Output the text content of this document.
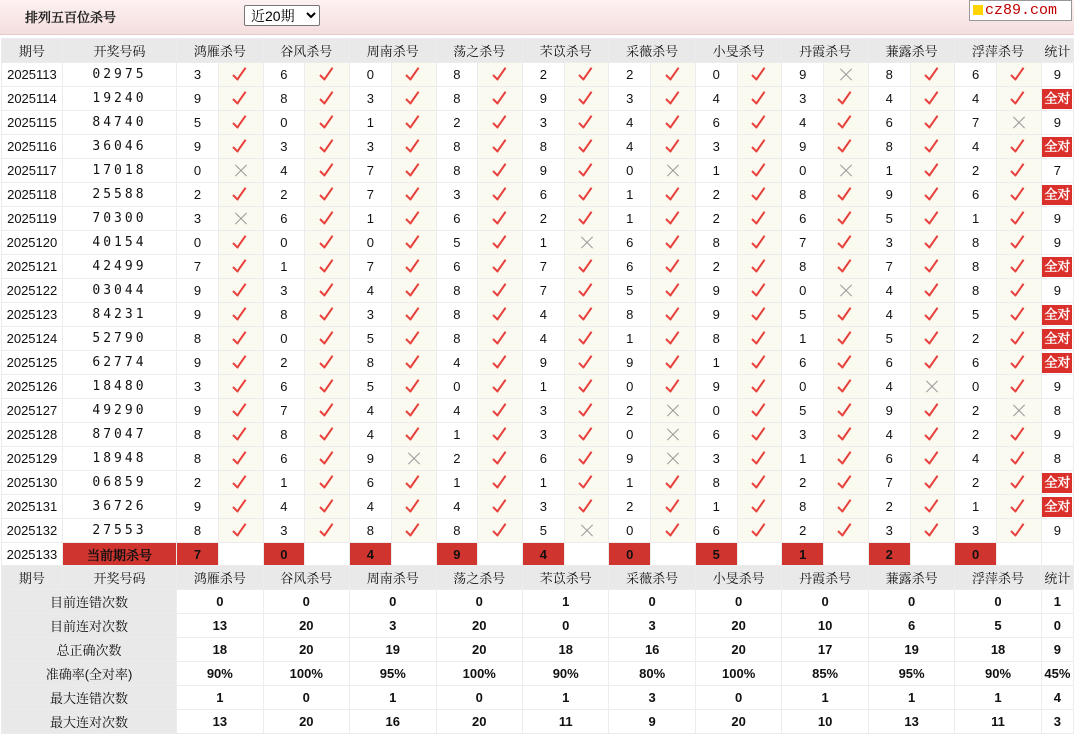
排列五百位杀号
近20期	cz89.com
期号	开奖号码	鸿雁杀号		谷风杀号		周南杀号		荡之杀号		芣苡杀号		采薇杀号		小旻杀号		丹霞杀号		蒹露杀号		浮萍杀号		统计
2025113	02975	3		6		0		8		2		2		0		9		8		6		9
2025114	19240	9		8		3		8		9		3		4		3		4		4		全对
2025115	84740	5		0		1		2		3		4		6		4		6		7		9
2025116	36046	9		3		3		8		8		4		3		9		8		4		全对
2025117	17018	0		4		7		8		9		0		1		0		1		2		7
2025118	25588	2		2		7		3		6		1		2		8		9		6		全对
2025119	70300	3		6		1		6		2		1		2		6		5		1		9
2025120	40154	0		0		0		5		1		6		8		7		3		8		9
2025121	42499	7		1		7		6		7		6		2		8		7		8		全对
2025122	03044	9		3		4		8		7		5		9		0		4		8		9
2025123	84231	9		8		3		8		4		8		9		5		4		5		全对
2025124	52790	8		0		5		8		4		1		8		1		5		2		全对
2025125	62774	9		2		8		4		9		9		1		6		6		6		全对
2025126	18480	3		6		5		0		1		0		9		0		4		0		9
2025127	49290	9		7		4		4		3		2		0		5		9		2		8
2025128	87047	8		8		4		1		3		0		6		3		4		2		9
2025129	18948	8		6		9		2		6		9		3		1		6		4		8
2025130	06859	2		1		6		1		1		1		8		2		7		2		全对
2025131	36726	9		4		4		4		3		2		1		8		2		1		全对
2025132	27553	8		3		8		8		5		0		6		2		3		3		9
2025133	当前期杀号	7		0		4		9		4		0		5		1		2		0		
期号	开奖号码	鸿雁杀号		谷风杀号		周南杀号		荡之杀号		芣苡杀号		采薇杀号		小旻杀号		丹霞杀号		蒹露杀号		浮萍杀号		统计
目前连错次数		0		0		0		0		1		0		0		0		0		0		1
目前连对次数		13		20		3		20		0		3		20		10		6		5		0
总正确次数		18		20		19		20		18		16		20		17		19		18		9
准确率(全对率)		90%		100%		95%		100%		90%		80%		100%		85%		95%		90%		45%
最大连错次数		1		0		1		0		1		3		0		1		1		1		4
最大连对次数		13		20		16		20		11		9		20		10		13		11		3
